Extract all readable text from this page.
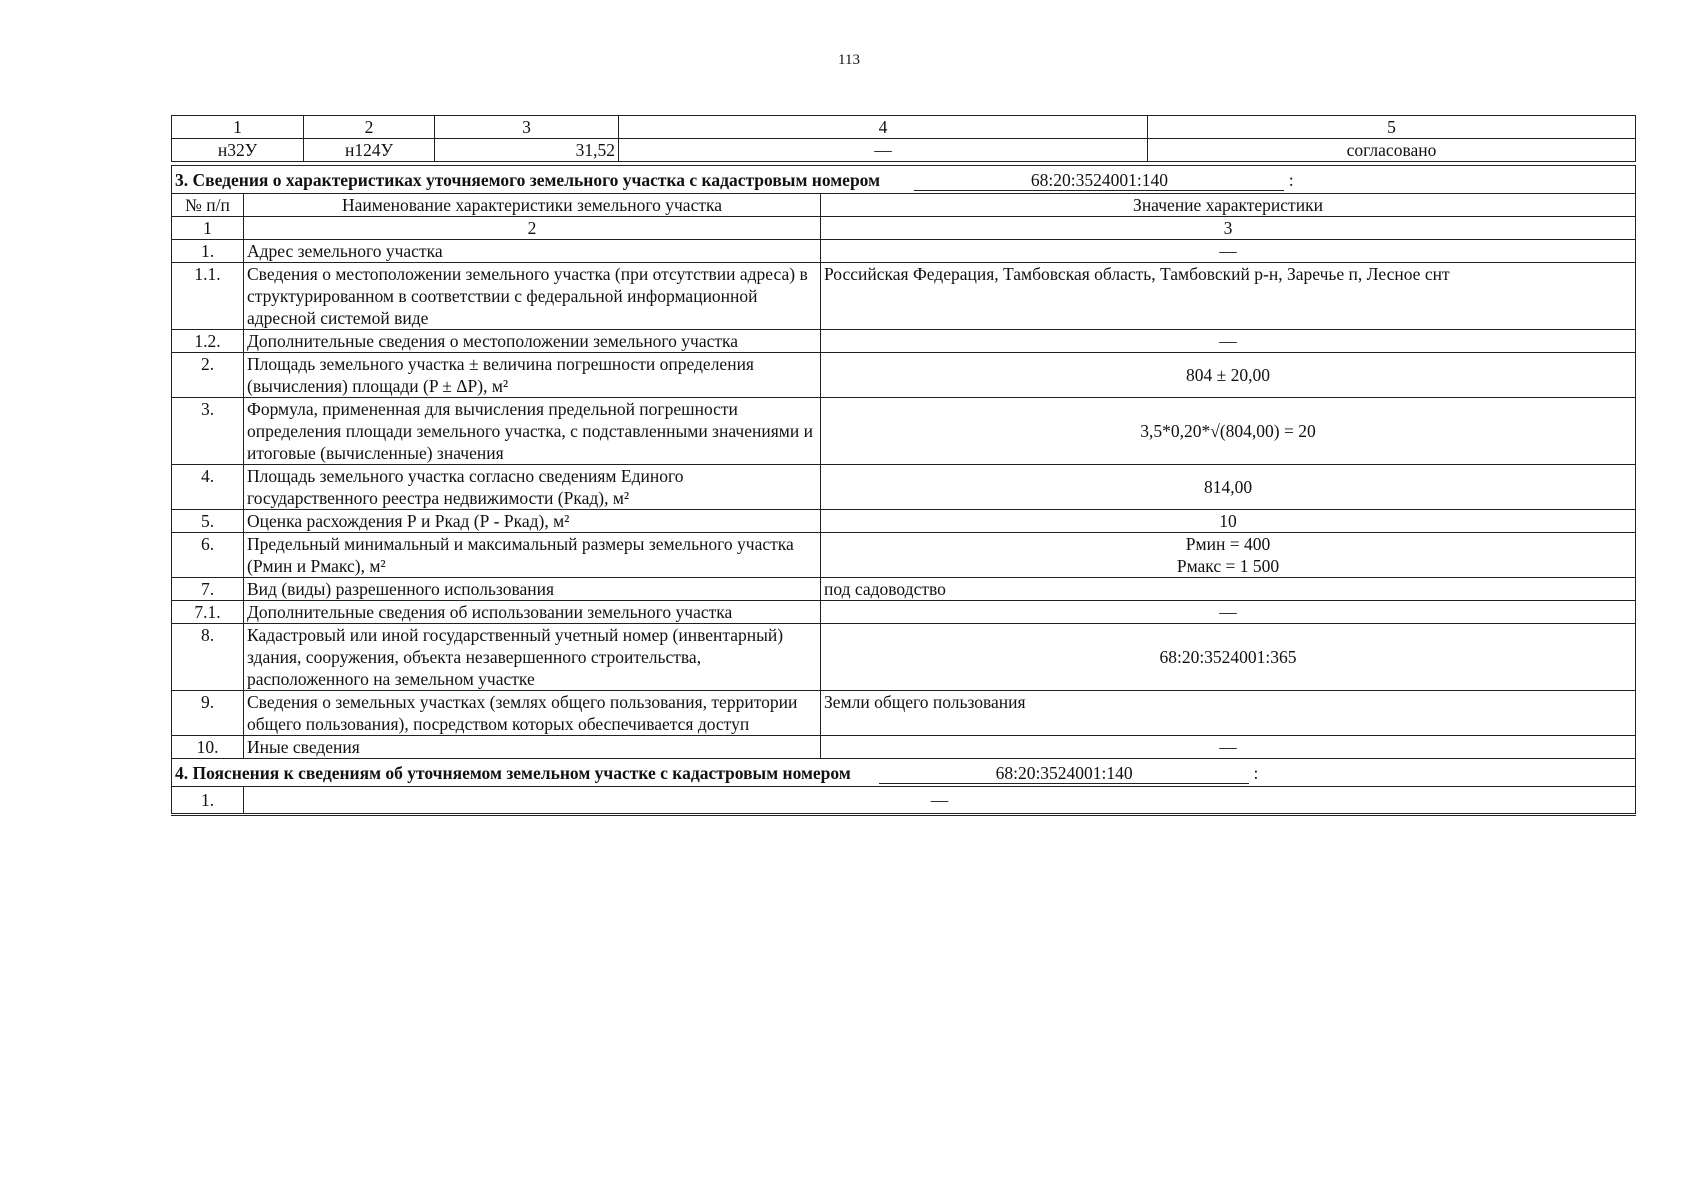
113
1	2	3	4	5
н32У	н124У	31,52	—	согласовано
3. Сведения о характеристиках уточняемого земельного участка с кадастровым номером 68:20:3524001:140 :		
№ п/п	Наименование характеристики земельного участка	Значение характеристики
1	2	3
1.	Адрес земельного участка	—
1.1.	Сведения о местоположении земельного участка (при отсутствии адреса) в структурированном в соответствии с федеральной информационной адресной системой виде	Российская Федерация, Тамбовская область, Тамбовский р-н, Заречье п, Лесное снт
1.2.	Дополнительные сведения о местоположении земельного участка	—
2.	Площадь земельного участка ± величина погрешности определения (вычисления) площади (P ± ΔP), м²	804 ± 20,00
3.	Формула, примененная для вычисления предельной погрешности определения площади земельного участка, с подставленными значениями и итоговые (вычисленные) значения	3,5*0,20*√(804,00) = 20
4.	Площадь земельного участка согласно сведениям Единого государственного реестра недвижимости (Ркад), м²	814,00
5.	Оценка расхождения Р и Ркад (Р - Ркад), м²	10
6.	Предельный минимальный и максимальный размеры земельного участка (Рмин и Рмакс), м²	Рмин = 400
Рмакс = 1 500

7.	Вид (виды) разрешенного использования	под садоводство
7.1.	Дополнительные сведения об использовании земельного участка	—
8.	Кадастровый или иной государственный учетный номер (инвентарный) здания, сооружения, объекта незавершенного строительства, расположенного на земельном участке	68:20:3524001:365
9.	Сведения о земельных участках (землях общего пользования, территории общего пользования), посредством которых обеспечивается доступ	Земли общего пользования
10.	Иные сведения	—
4. Пояснения к сведениям об уточняемом земельном участке с кадастровым номером 68:20:3524001:140 :		
1.	—	
